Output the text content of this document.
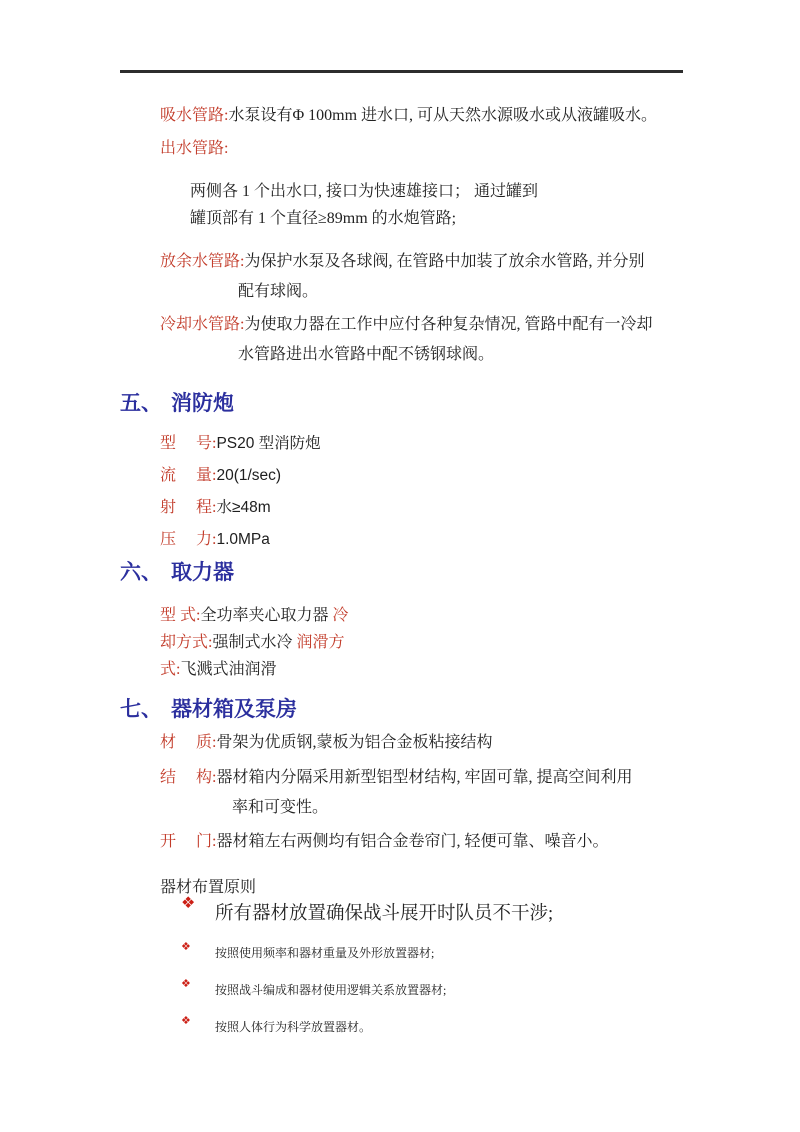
吸水管路:水泵设有Φ 100mm 进水口, 可从天然水源吸水或从液罐吸水。
出水管路:
两侧各 1 个出水口, 接口为快速雄接口； 通过罐到
罐顶部有 1 个直径≥89mm 的水炮管路;
放余水管路:为保护水泵及各球阀, 在管路中加装了放余水管路, 并分别
配有球阀。
冷却水管路:为使取力器在工作中应付各种复杂情况, 管路中配有一冷却
水管路进出水管路中配不锈钢球阀。
五、 消防炮
型　 号:PS20 型消防炮
流　 量:20(1/sec)
射　 程:水≥48m
压　 力:1.0MPa
六、 取力器
型 式:全功率夹心取力器 冷
却方式:强制式水冷 润滑方
式:飞溅式油润滑
七、 器材箱及泵房
材　 质:骨架为优质钢,蒙板为铝合金板粘接结构
结　 构:器材箱内分隔采用新型铝型材结构, 牢固可靠, 提高空间利用
率和可变性。
开　 门:器材箱左右两侧均有铝合金卷帘门, 轻便可靠、噪音小。
器材布置原则
❖
所有器材放置确保战斗展开时队员不干涉;
❖ 按照使用频率和器材重量及外形放置器材;
❖ 按照战斗编成和器材使用逻辑关系放置器材;
❖ 按照人体行为科学放置器材。
